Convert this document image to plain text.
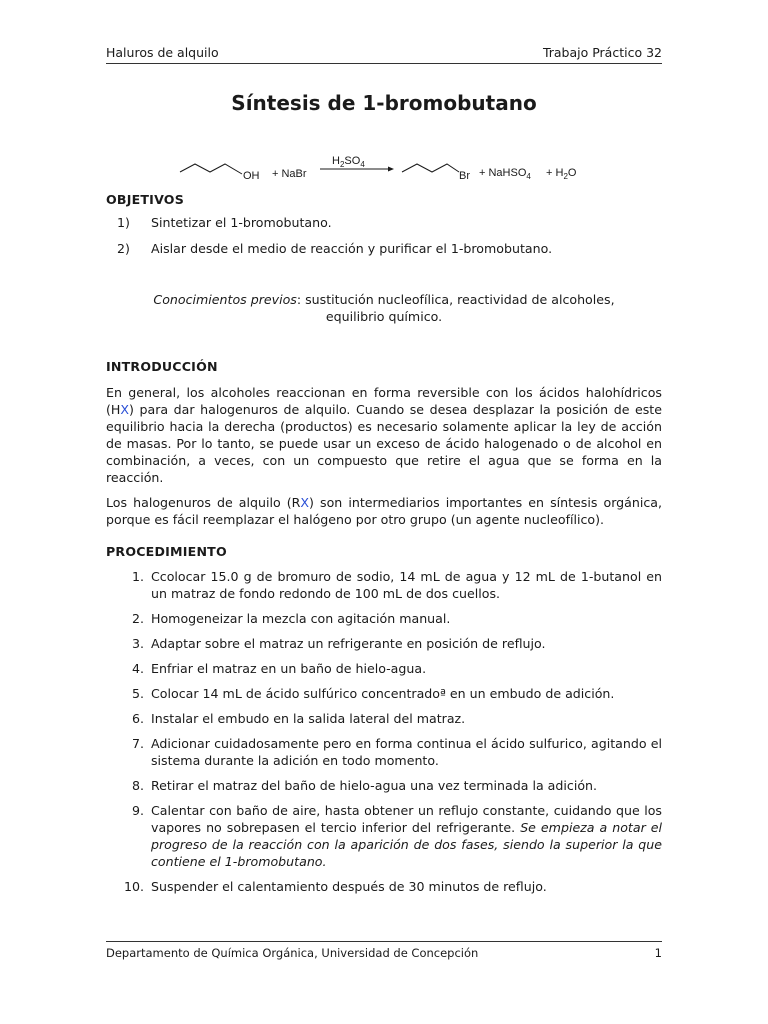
Haluros de alquilo	Trabajo Práctico 32
Síntesis de 1-bromobutano
OH + NaBr
$H_2SO_4$
Br + NaHSO$_4$ + $H_2O$
OBJETIVOS
1)	Sintetizar el 1-bromobutano.
2)	Aislar desde el medio de reacción y purificar el 1-bromobutano.
Conocimientos previos: sustitución nucleofílica, reactividad de alcoholes, equilibrio químico.
INTRODUCCIÓN
En general, los alcoholes reaccionan en forma reversible con los ácidos halohídricos (HX) para dar halogenuros de alquilo. Cuando se desea desplazar la posición de este equilibrio hacia la derecha (productos) es necesario solamente aplicar la ley de acción de masas. Por lo tanto, se puede usar un exceso de ácido halogenado o de alcohol en combinación, a veces, con un compuesto que retire el agua que se forma en la reacción.
Los halogenuros de alquilo (RX) son intermediarios importantes en síntesis orgánica, porque es fácil reemplazar el halógeno por otro grupo (un agente nucleofílico).
PROCEDIMIENTO
1. Ccolocar 15.0 g de bromuro de sodio, 14 mL de agua y 12 mL de 1-butanol en un matraz de fondo redondo de 100 mL de dos cuellos.
2. Homogeneizar la mezcla con agitación manual.
3. Adaptar sobre el matraz un refrigerante en posición de reflujo.
4. Enfriar el matraz en un baño de hielo-agua.
5. Colocar 14 mL de ácido sulfúrico concentradoª en un embudo de adición.
6. Instalar el embudo en la salida lateral del matraz.
7. Adicionar cuidadosamente pero en forma continua el ácido sulfurico, agitando el sistema durante la adición en todo momento.
8. Retirar el matraz del baño de hielo-agua una vez terminada la adición.
9. Calentar con baño de aire, hasta obtener un reflujo constante, cuidando que los vapores no sobrepasen el tercio inferior del refrigerante. Se empieza a notar el progreso de la reacción con la aparición de dos fases, siendo la superior la que contiene el 1-bromobutano.
10. Suspender el calentamiento después de 30 minutos de reflujo.
Departamento de Química Orgánica, Universidad de Concepción	1
